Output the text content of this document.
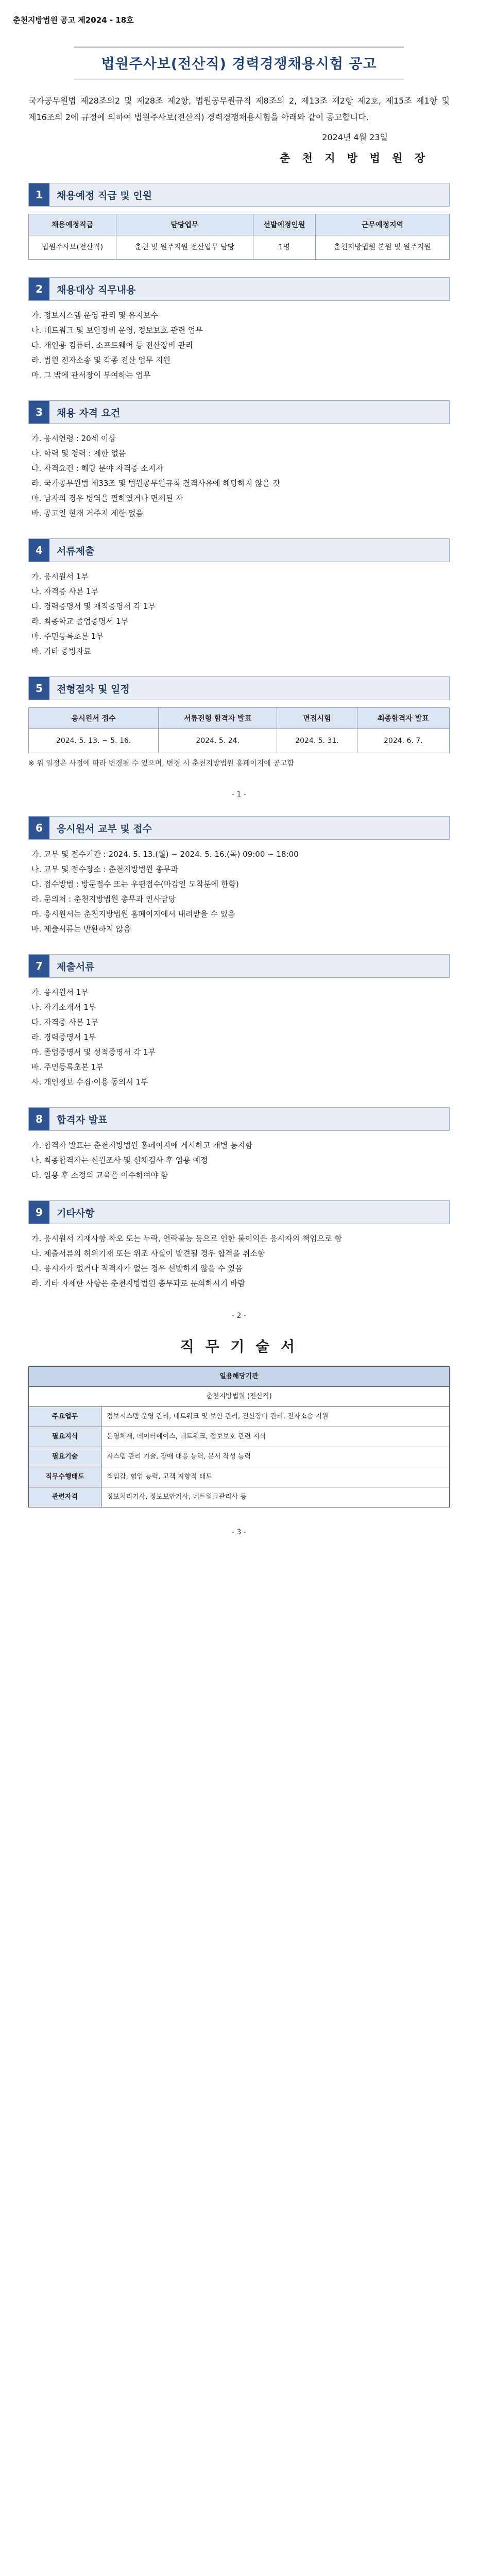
춘천지방법원 공고 제2024 - 18호
법원주사보(전산직) 경력경쟁채용시험 공고
국가공무원법 제28조의2 및 제28조 제2항, 법원공무원규칙 제8조의 2, 제13조 제2항 제2호, 제15조 제1항 및 제16조의 2에 규정에 의하여 법원주사보(전산직) 경력경쟁채용시험을 아래와 같이 공고합니다.
2024년 4월 23일
춘 천 지 방 법 원 장
1	채용예정 직급 및 인원
채용예정직급	담당업무	선발예정인원	근무예정지역
법원주사보(전산직)	춘천 및 원주지원 전산업무 담당	1명	춘천지방법원 본원 및 원주지원
2	채용대상 직무내용
가. 정보시스템 운영 관리 및 유지보수
나. 네트워크 및 보안장비 운영, 정보보호 관련 업무
다. 개인용 컴퓨터, 소프트웨어 등 전산장비 관리
라. 법원 전자소송 및 각종 전산 업무 지원
마. 그 밖에 관서장이 부여하는 업무
3	채용 자격 요건
가. 응시연령 : 20세 이상
나. 학력 및 경력 : 제한 없음
다. 자격요건 : 해당 분야 자격증 소지자
라. 국가공무원법 제33조 및 법원공무원규칙 결격사유에 해당하지 않을 것
마. 남자의 경우 병역을 필하였거나 면제된 자
바. 공고일 현재 거주지 제한 없음
4	서류제출
가. 응시원서 1부
나. 자격증 사본 1부
다. 경력증명서 및 재직증명서 각 1부
라. 최종학교 졸업증명서 1부
마. 주민등록초본 1부
바. 기타 증빙자료
5	전형절차 및 일정
응시원서 접수	서류전형 합격자 발표	면접시험	최종합격자 발표
2024. 5. 13. ~ 5. 16.	2024. 5. 24.	2024. 5. 31.	2024. 6. 7.
※ 위 일정은 사정에 따라 변경될 수 있으며, 변경 시 춘천지방법원 홈페이지에 공고함
- 1 -
6	응시원서 교부 및 접수
가. 교부 및 접수기간 : 2024. 5. 13.(월) ~ 2024. 5. 16.(목) 09:00 ~ 18:00
나. 교부 및 접수장소 : 춘천지방법원 총무과
다. 접수방법 : 방문접수 또는 우편접수(마감일 도착분에 한함)
라. 문의처 : 춘천지방법원 총무과 인사담당
마. 응시원서는 춘천지방법원 홈페이지에서 내려받을 수 있음
바. 제출서류는 반환하지 않음
7	제출서류
가. 응시원서 1부
나. 자기소개서 1부
다. 자격증 사본 1부
라. 경력증명서 1부
마. 졸업증명서 및 성적증명서 각 1부
바. 주민등록초본 1부
사. 개인정보 수집·이용 동의서 1부
8	합격자 발표
가. 합격자 발표는 춘천지방법원 홈페이지에 게시하고 개별 통지함
나. 최종합격자는 신원조사 및 신체검사 후 임용 예정
다. 임용 후 소정의 교육을 이수하여야 함
9	기타사항
가. 응시원서 기재사항 착오 또는 누락, 연락불능 등으로 인한 불이익은 응시자의 책임으로 함
나. 제출서류의 허위기재 또는 위조 사실이 발견될 경우 합격을 취소함
다. 응시자가 없거나 적격자가 없는 경우 선발하지 않을 수 있음
라. 기타 자세한 사항은 춘천지방법원 총무과로 문의하시기 바람
- 2 -
직 무 기 술 서
일용해당기관	
춘천지방법원 (전산직)	
주요업무	정보시스템 운영 관리, 네트워크 및 보안 관리, 전산장비 관리, 전자소송 지원
필요지식	운영체제, 데이터베이스, 네트워크, 정보보호 관련 지식
필요기술	시스템 관리 기술, 장애 대응 능력, 문서 작성 능력
직무수행태도	책임감, 협업 능력, 고객 지향적 태도
관련자격	정보처리기사, 정보보안기사, 네트워크관리사 등
- 3 -
